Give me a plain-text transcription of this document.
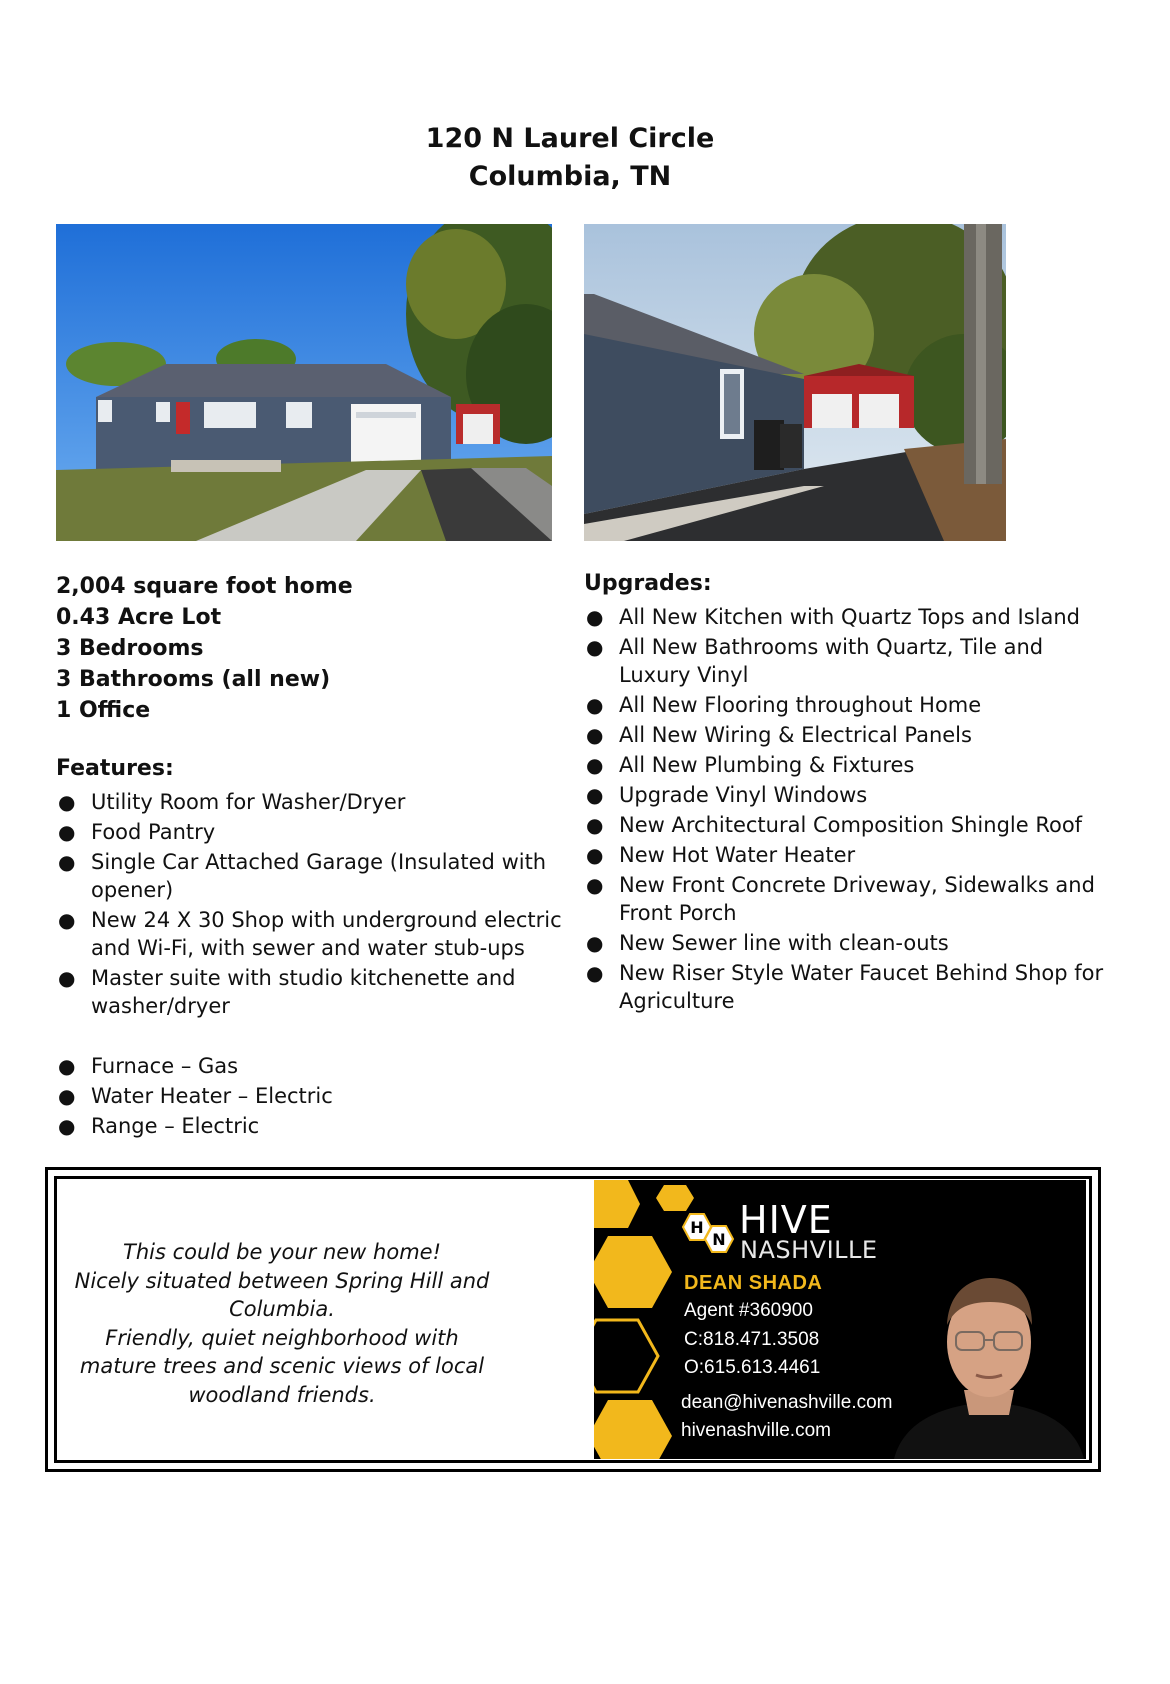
120 N Laurel Circle
Columbia, TN
2,004 square foot home
0.43 Acre Lot
3 Bedrooms
3 Bathrooms (all new)
1 Office
Features:
● Utility Room for Washer/Dryer
● Food Pantry
● Single Car Attached Garage (Insulated with opener)
● New 24 X 30 Shop with underground electric and Wi-Fi, with sewer and water stub-ups
● Master suite with studio kitchenette and washer/dryer
● Furnace – Gas
● Water Heater – Electric
● Range – Electric
Upgrades:
● All New Kitchen with Quartz Tops and Island
● All New Bathrooms with Quartz, Tile and Luxury Vinyl
● All New Flooring throughout Home
● All New Wiring & Electrical Panels
● All New Plumbing & Fixtures
● Upgrade Vinyl Windows
● New Architectural Composition Shingle Roof
● New Hot Water Heater
● New Front Concrete Driveway, Sidewalks and Front Porch
● New Sewer line with clean-outs
● New Riser Style Water Faucet Behind Shop for Agriculture
This could be your new home!
Nicely situated between Spring Hill and Columbia.
Friendly, quiet neighborhood with mature trees and scenic views of local woodland friends.
H
N HIVE
NASHVILLE
DEAN SHADA
Agent #360900
C:818.471.3508
O:615.613.4461
dean@hivenashville.com
hivenashville.com
